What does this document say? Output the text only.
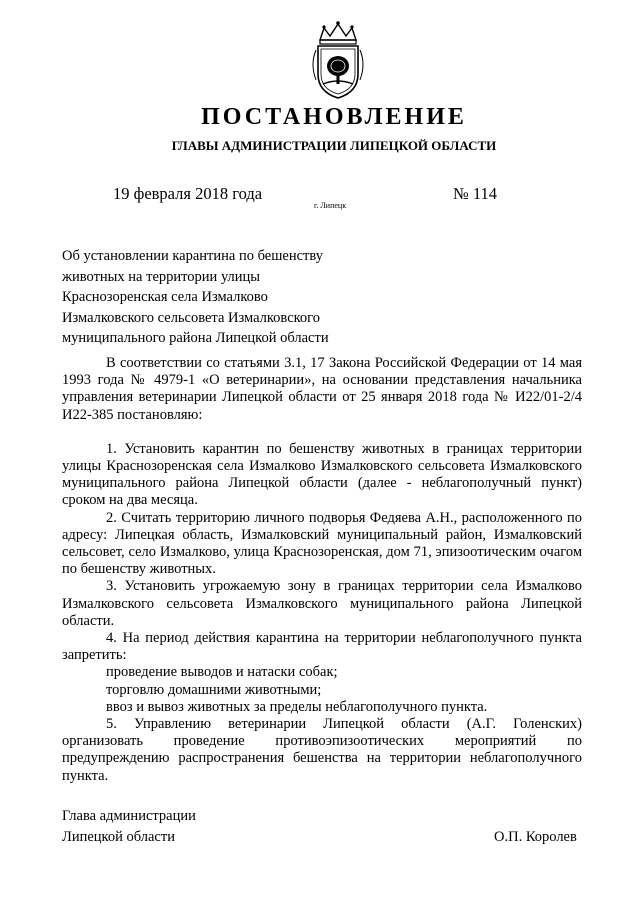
ПОСТАНОВЛЕНИЕ
ГЛАВЫ АДМИНИСТРАЦИИ ЛИПЕЦКОЙ ОБЛАСТИ
19 февраля 2018 года
г. Липецк
№ 114
Об установлении карантина по бешенству
животных на территории улицы
Краснозоренская села Измалково
Измалковского сельсовета Измалковского
муниципального района Липецкой области

В соответствии со статьями 3.1, 17 Закона Российской Федерации от 14 мая 1993 года № 4979-1 «О ветеринарии», на основании представления начальника управления ветеринарии Липецкой области от 25 января 2018 года № И22/01-2/4 И22-385 постановляю:

1. Установить карантин по бешенству животных в границах территории улицы Краснозоренская села Измалково Измалковского сельсовета Измалковского муниципального района Липецкой области (далее - неблагополучный пункт) сроком на два месяца.

2. Считать территорию личного подворья Федяева А.Н., расположенного по адресу: Липецкая область, Измалковский муниципальный район, Измалковский сельсовет, село Измалково, улица Краснозоренская, дом 71, эпизоотическим очагом по бешенству животных.

3. Установить угрожаемую зону в границах территории села Измалково Измалковского сельсовета Измалковского муниципального района Липецкой области.

4. На период действия карантина на территории неблагополучного пункта запретить:

проведение выводов и натаски собак;

торговлю домашними животными;

ввоз и вывоз животных за пределы неблагополучного пункта.

5. Управлению ветеринарии Липецкой области (А.Г. Голенских) организовать проведение противоэпизоотических мероприятий по предупреждению распространения бешенства на территории неблагополучного пункта.

Глава администрации
Липецкой области	О.П. Королев
